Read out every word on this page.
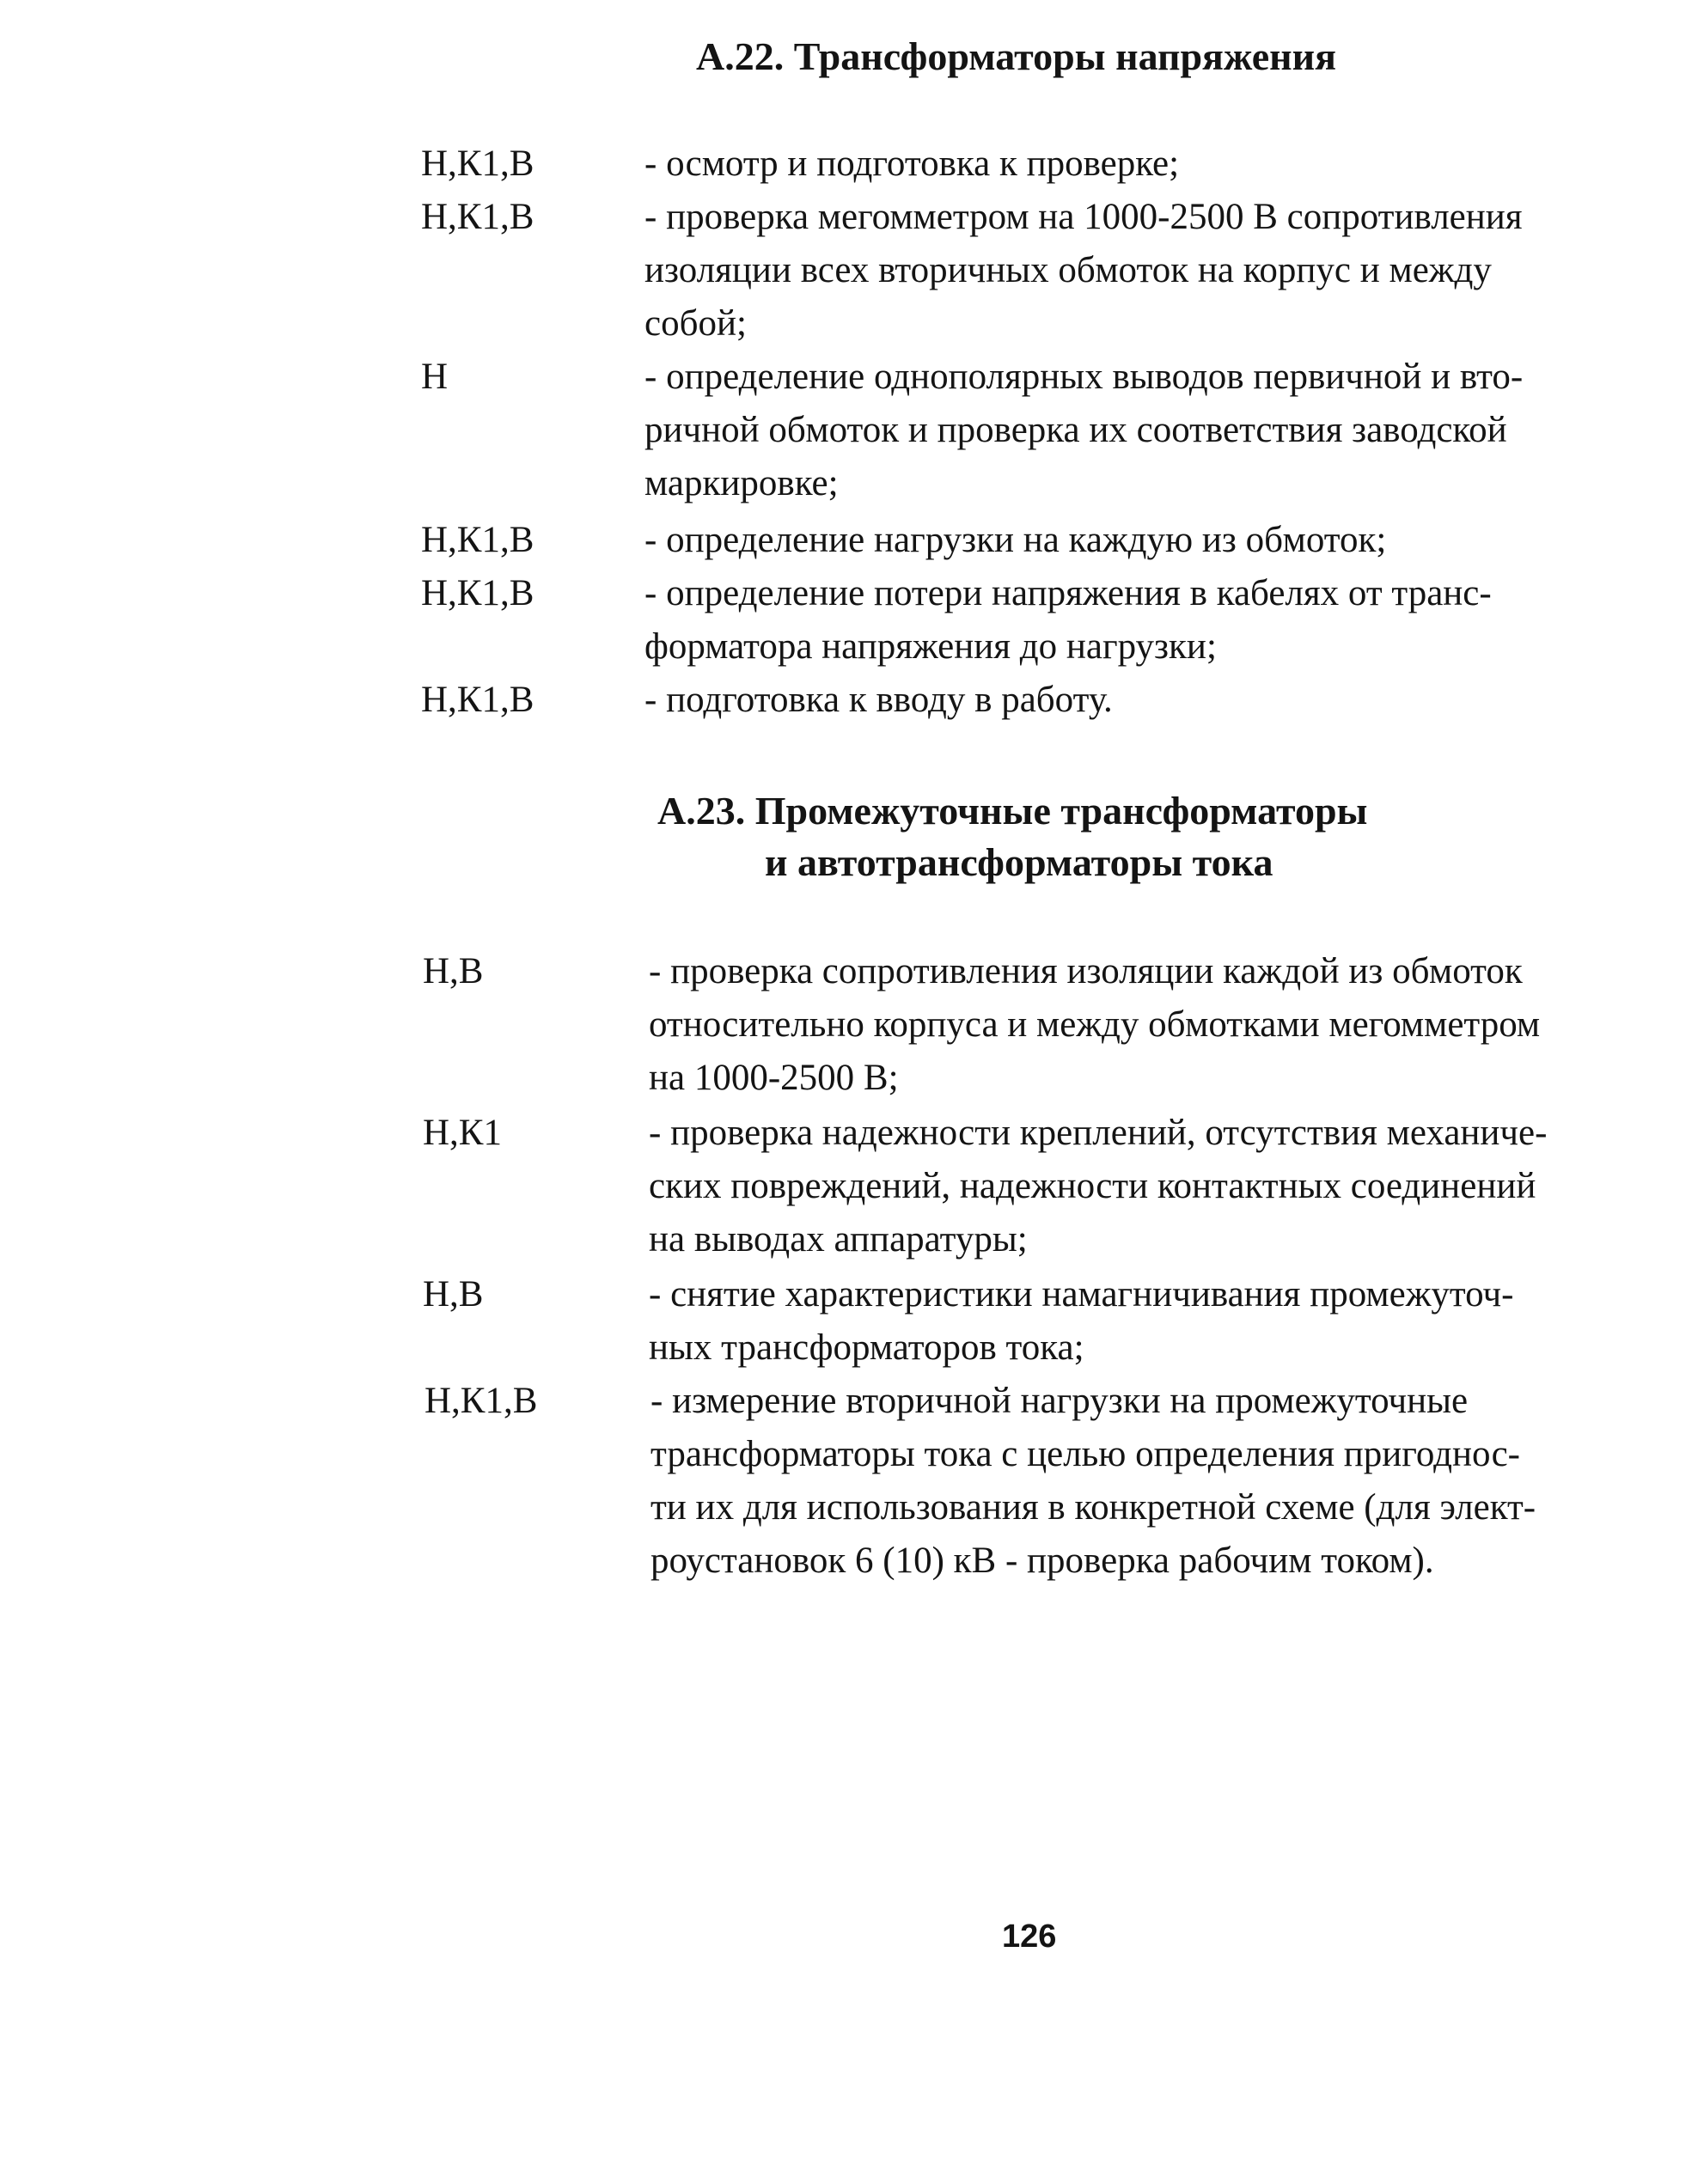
А.22. Трансформаторы напряжения
Н,К1,В	- осмотр и подготовка к проверке;
Н,К1,В	- проверка мегомметром на 1000-2500 В сопротивления
изоляции всех вторичных обмоток на корпус и между
собой;
Н	- определение однополярных выводов первичной и вто-
ричной обмоток и проверка их соответствия заводской
маркировке;
Н,К1,В	- определение нагрузки на каждую из обмоток;
Н,К1,В	- определение потери напряжения в кабелях от транс-
форматора напряжения до нагрузки;
Н,К1,В	- подготовка к вводу в работу.
А.23. Промежуточные трансформаторы
и автотрансформаторы тока
Н,В	- проверка сопротивления изоляции каждой из обмоток
относительно корпуса и между обмотками мегомметром
на 1000-2500 В;
Н,К1	- проверка надежности креплений, отсутствия механиче-
ских повреждений, надежности контактных соединений
на выводах аппаратуры;
Н,В	- снятие характеристики намагничивания промежуточ-
ных трансформаторов тока;
Н,К1,В	- измерение вторичной нагрузки на промежуточные
трансформаторы тока с целью определения пригоднос-
ти их для использования в конкретной схеме (для элект-
роустановок 6 (10) кВ - проверка рабочим током).
126
